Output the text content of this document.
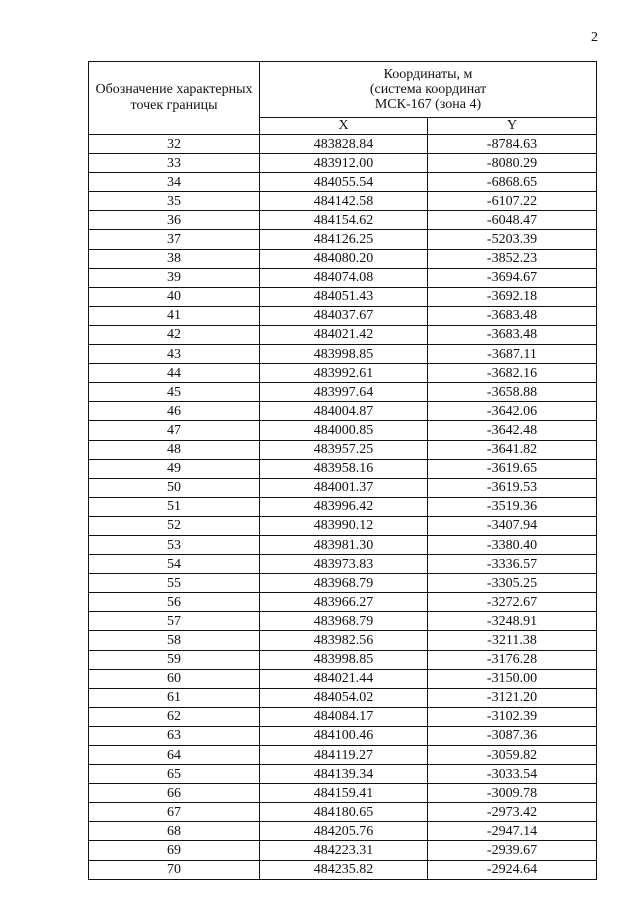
2
Обозначение характерных точек границы	Координаты, м
(система координат
МСК-167 (зона 4)	

	X	Y
32	483828.84	-8784.63
33	483912.00	-8080.29
34	484055.54	-6868.65
35	484142.58	-6107.22
36	484154.62	-6048.47
37	484126.25	-5203.39
38	484080.20	-3852.23
39	484074.08	-3694.67
40	484051.43	-3692.18
41	484037.67	-3683.48
42	484021.42	-3683.48
43	483998.85	-3687.11
44	483992.61	-3682.16
45	483997.64	-3658.88
46	484004.87	-3642.06
47	484000.85	-3642.48
48	483957.25	-3641.82
49	483958.16	-3619.65
50	484001.37	-3619.53
51	483996.42	-3519.36
52	483990.12	-3407.94
53	483981.30	-3380.40
54	483973.83	-3336.57
55	483968.79	-3305.25
56	483966.27	-3272.67
57	483968.79	-3248.91
58	483982.56	-3211.38
59	483998.85	-3176.28
60	484021.44	-3150.00
61	484054.02	-3121.20
62	484084.17	-3102.39
63	484100.46	-3087.36
64	484119.27	-3059.82
65	484139.34	-3033.54
66	484159.41	-3009.78
67	484180.65	-2973.42
68	484205.76	-2947.14
69	484223.31	-2939.67
70	484235.82	-2924.64
